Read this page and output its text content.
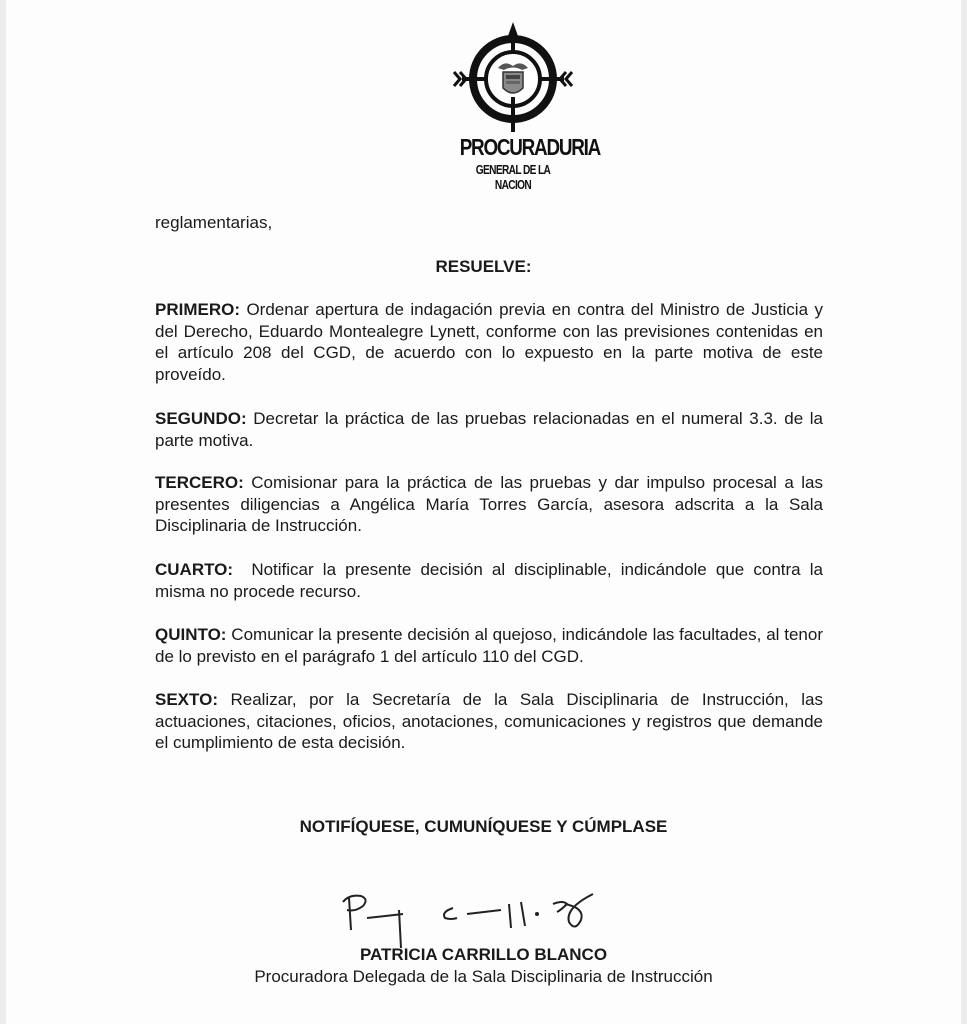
PROCURADURIA
GENERAL DE LA NACION
reglamentarias,
RESUELVE:
PRIMERO: Ordenar apertura de indagación previa en contra del Ministro de Justicia y del Derecho, Eduardo Montealegre Lynett, conforme con las previsiones contenidas en el artículo 208 del CGD, de acuerdo con lo expuesto en la parte motiva de este proveído.
SEGUNDO: Decretar la práctica de las pruebas relacionadas en el numeral 3.3. de la parte motiva.
TERCERO: Comisionar para la práctica de las pruebas y dar impulso procesal a las presentes diligencias a Angélica María Torres García, asesora adscrita a la Sala Disciplinaria de Instrucción.
CUARTO:  Notificar la presente decisión al disciplinable, indicándole que contra la misma no procede recurso.
QUINTO: Comunicar la presente decisión al quejoso, indicándole las facultades, al tenor de lo previsto en el parágrafo 1 del artículo 110 del CGD.
SEXTO: Realizar, por la Secretaría de la Sala Disciplinaria de Instrucción, las actuaciones, citaciones, oficios, anotaciones, comunicaciones y registros que demande el cumplimiento de esta decisión.
NOTIFÍQUESE, CUMUNÍQUESE Y CÚMPLASE
PATRICIA CARRILLO BLANCO
Procuradora Delegada de la Sala Disciplinaria de Instrucción
